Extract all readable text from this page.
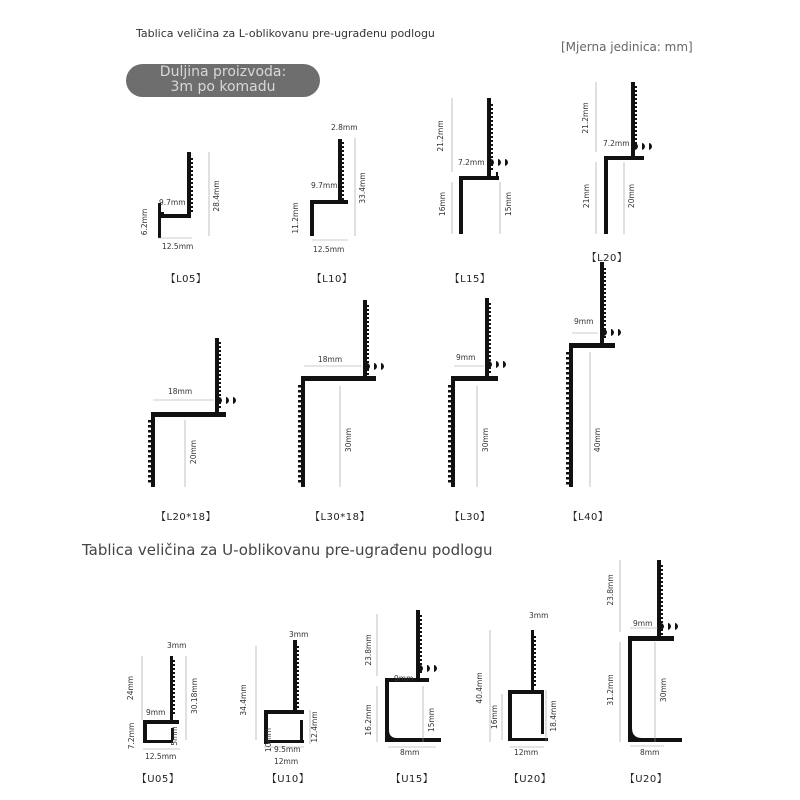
Tablica veličina za L-oblikovanu pre-ugrađenu podlogu
[Mjerna jedinica: mm]
Duljina proizvoda:
3m po komadu
Tablica veličina za U-oblikovanu pre-ugrađenu podlogu
28.4mm
9.7mm
6.2mm
12.5mm
2.8mm
33.4mm
9.7mm
11.2mm
12.5mm
21.2mm
7.2mm
16mm	15mm
21.2mm
7.2mm
21mm	20mm
18mm
20mm
18mm
30mm
9mm
30mm
9mm
40mm
3mm
24mm	30.18mm
9mm
7.2mm	5mm
12.5mm
3mm
34.4mm
12.4mm
10mm 9.5mm
12mm
23.8mm
9mm
16.2mm	15mm
8mm
3mm
40.4mm
18.4mm
16mm
12mm
23.8mm
9mm
31.2mm	30mm
8mm
【L05】	【L10】	【L15】
【L20】
【L20*18】	【L30*18】	【L30】	【L40】
【U05】	【U10】	【U15】	【U20】	【U20】
